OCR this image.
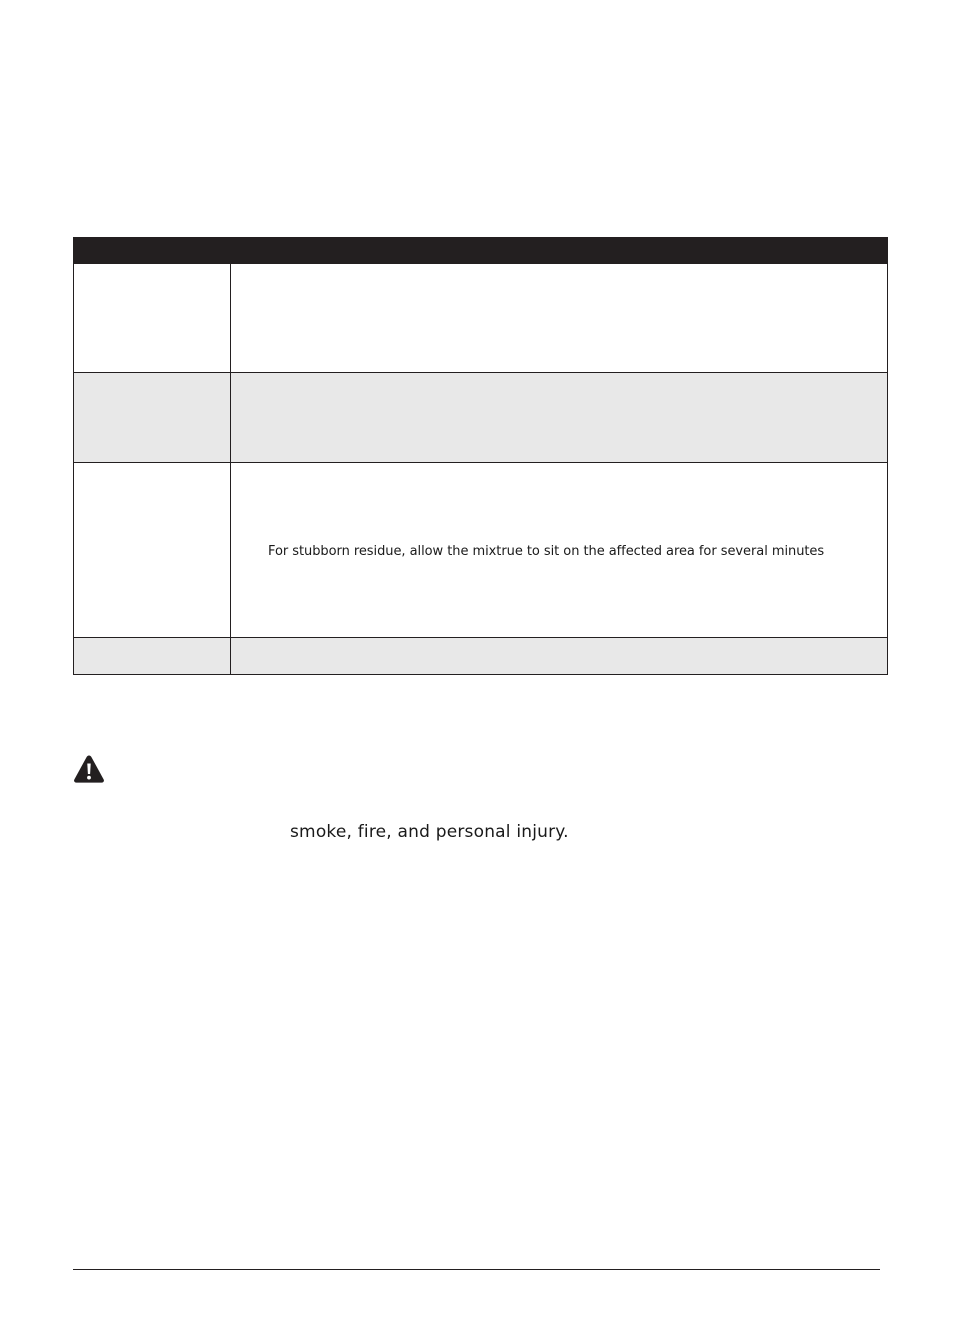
	For stubborn residue, allow the mixtrue to sit on the affected area for several minutes

smoke, fire, and personal injury.
